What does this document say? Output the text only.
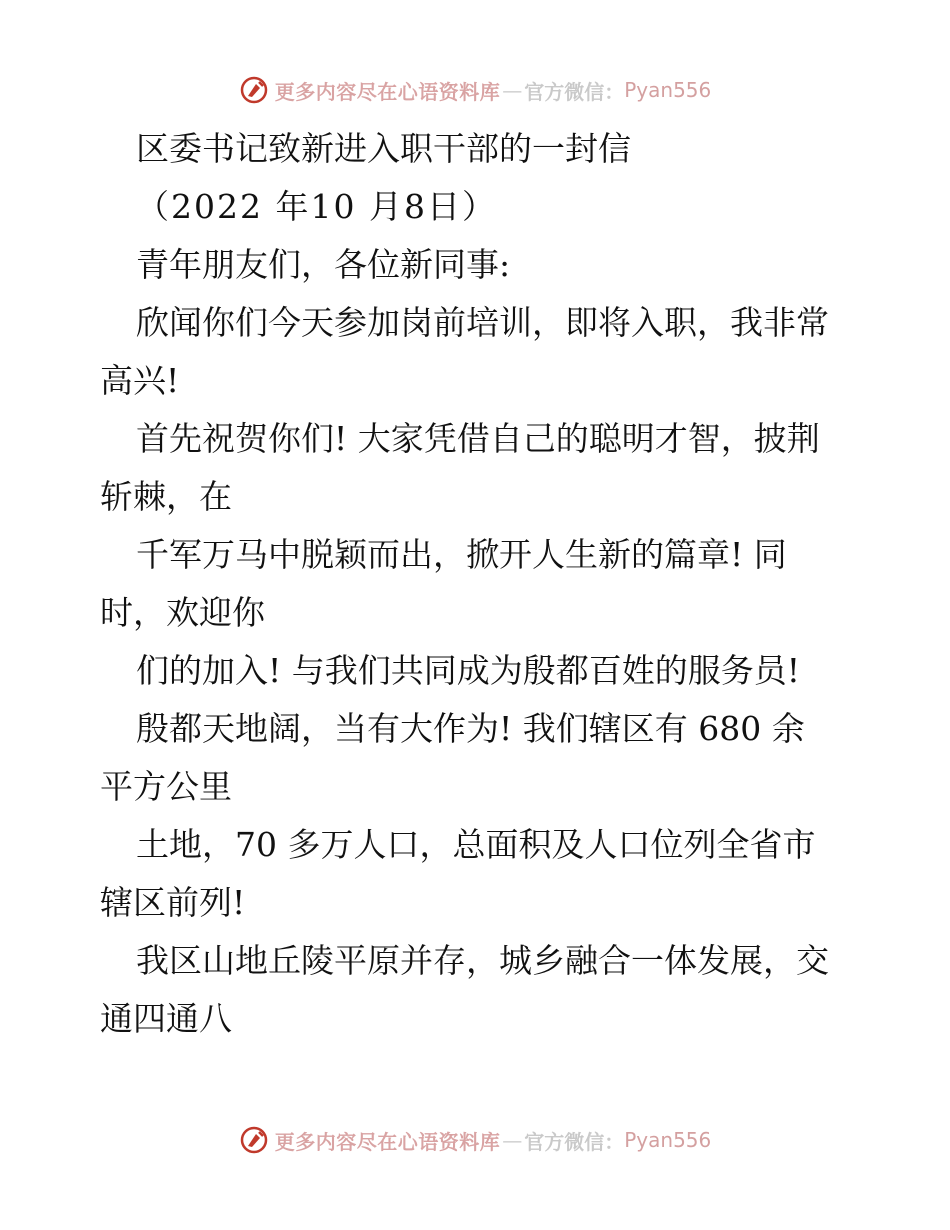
更多内容尽在心语资料库 — 官方微信： Pyan556
区委书记致新进入职干部的一封信
（2022 年10 月8日）
青年朋友们，各位新同事:
欣闻你们今天参加岗前培训，即将入职，我非常
高兴!
首先祝贺你们! 大家凭借自己的聪明才智，披荆
斩棘，在
千军万马中脱颖而出，掀开人生新的篇章! 同
时，欢迎你
们的加入! 与我们共同成为殷都百姓的服务员!
殷都天地阔，当有大作为! 我们辖区有 680 余
平方公里
土地，70 多万人口，总面积及人口位列全省市
辖区前列!
我区山地丘陵平原并存，城乡融合一体发展，交
通四通八
更多内容尽在心语资料库 — 官方微信： Pyan556
